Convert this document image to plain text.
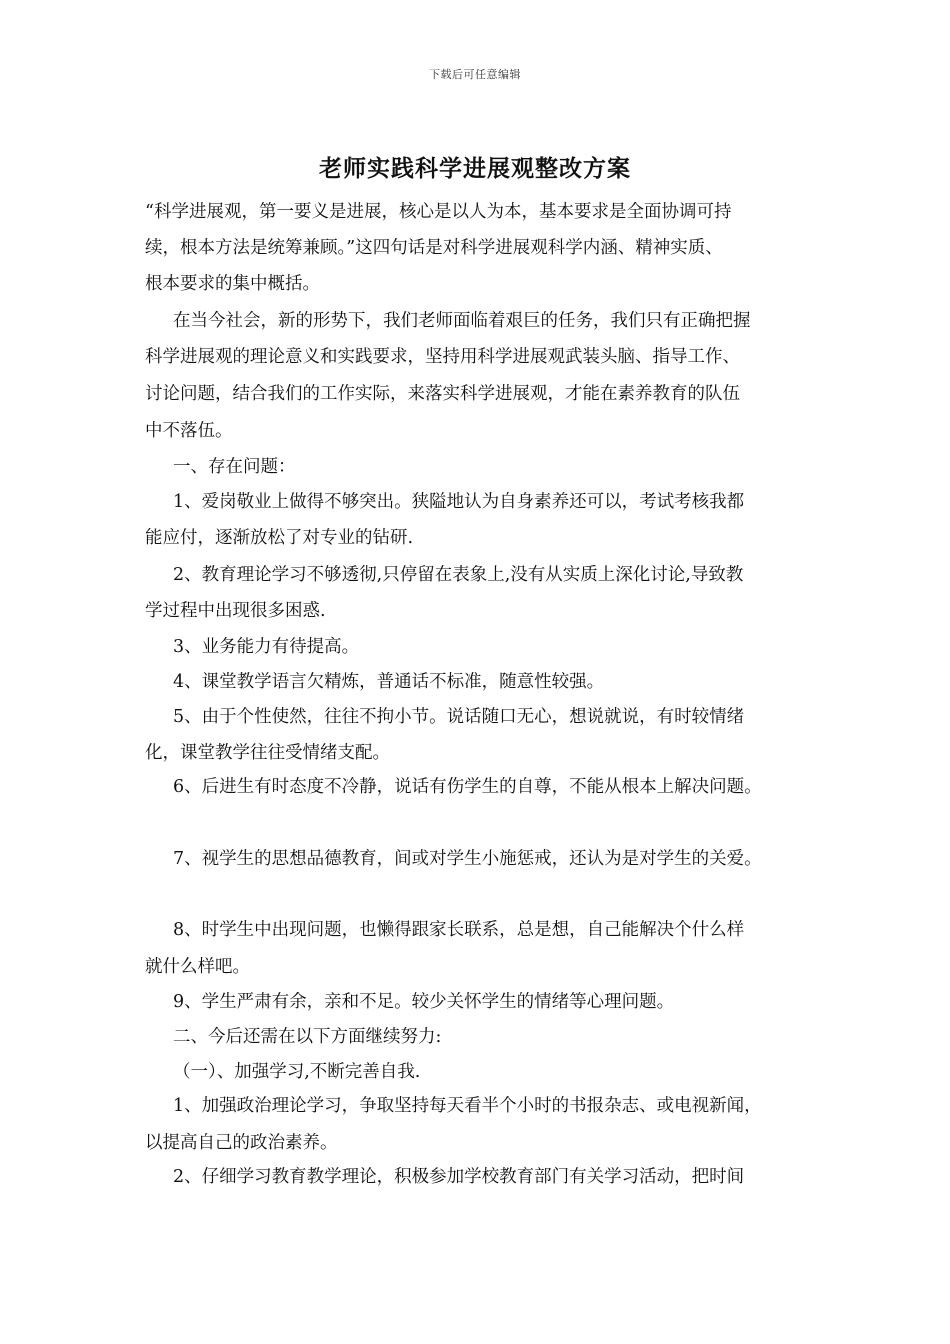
下载后可任意编辑
老师实践科学进展观整改方案
“科学进展观，第一要义是进展，核心是以人为本，基本要求是全面协调可持
续，根本方法是统筹兼顾。”这四句话是对科学进展观科学内涵、精神实质、
根本要求的集中概括。
在当今社会，新的形势下，我们老师面临着艰巨的任务，我们只有正确把握
科学进展观的理论意义和实践要求，坚持用科学进展观武装头脑、指导工作、
讨论问题，结合我们的工作实际，来落实科学进展观，才能在素养教育的队伍
中不落伍。
一、存在问题：
1、爱岗敬业上做得不够突出。狭隘地认为自身素养还可以，考试考核我都
能应付，逐渐放松了对专业的钻研.
2、教育理论学习不够透彻,只停留在表象上,没有从实质上深化讨论,导致教
学过程中出现很多困惑.
3、业务能力有待提高。
4、课堂教学语言欠精炼，普通话不标准，随意性较强。
5、由于个性使然，往往不拘小节。说话随口无心，想说就说，有时较情绪
化，课堂教学往往受情绪支配。
6、后进生有时态度不冷静，说话有伤学生的自尊，不能从根本上解决问题。
7、视学生的思想品德教育，间或对学生小施惩戒，还认为是对学生的关爱。
8、时学生中出现问题，也懒得跟家长联系，总是想，自己能解决个什么样
就什么样吧。
9、学生严肃有余，亲和不足。较少关怀学生的情绪等心理问题。
二、今后还需在以下方面继续努力:
（一）、加强学习,不断完善自我.
1、加强政治理论学习，争取坚持每天看半个小时的书报杂志、或电视新闻，
以提高自己的政治素养。
2、仔细学习教育教学理论，积极参加学校教育部门有关学习活动，把时间
